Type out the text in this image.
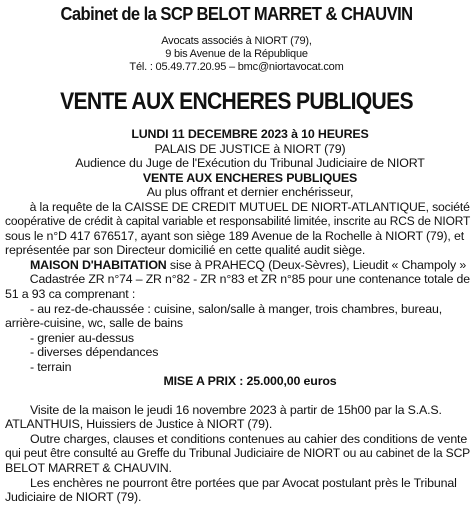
Cabinet de la SCP BELOT MARRET & CHAUVIN
Avocats associés à NIORT (79),
9 bis Avenue de la République
Tél. : 05.49.77.20.95 – bmc@niortavocat.com
VENTE AUX ENCHERES PUBLIQUES
LUNDI 11 DECEMBRE 2023 à 10 HEURES
PALAIS DE JUSTICE à NIORT (79)
Audience du Juge de l'Exécution du Tribunal Judiciaire de NIORT
VENTE AUX ENCHERES PUBLIQUES
Au plus offrant et dernier enchérisseur,
à la requête de la CAISSE DE CREDIT MUTUEL DE NIORT-ATLANTIQUE, société
coopérative de crédit à capital variable et responsabilité limitée, inscrite au RCS de NIORT
sous le n°D 417 676517, ayant son siège 189 Avenue de la Rochelle à NIORT (79), et
représentée par son Directeur domicilié en cette qualité audit siège.
MAISON D'HABITATION sise à PRAHECQ (Deux-Sèvres), Lieudit « Champoly »
Cadastrée ZR n°74 – ZR n°82 - ZR n°83 et ZR n°85 pour une contenance totale de
51 a 93 ca comprenant :
- au rez-de-chaussée : cuisine, salon/salle à manger, trois chambres, bureau,
arrière-cuisine, wc, salle de bains
- grenier au-dessus
- diverses dépendances
- terrain
MISE A PRIX : 25.000,00 euros
Visite de la maison le jeudi 16 novembre 2023 à partir de 15h00 par la S.A.S.
ATLANTHUIS, Huissiers de Justice à NIORT (79).
Outre charges, clauses et conditions contenues au cahier des conditions de vente
qui peut être consulté au Greffe du Tribunal Judiciaire de NIORT ou au cabinet de la SCP
BELOT MARRET & CHAUVIN.
Les enchères ne pourront être portées que par Avocat postulant près le Tribunal
Judiciaire de NIORT (79).
